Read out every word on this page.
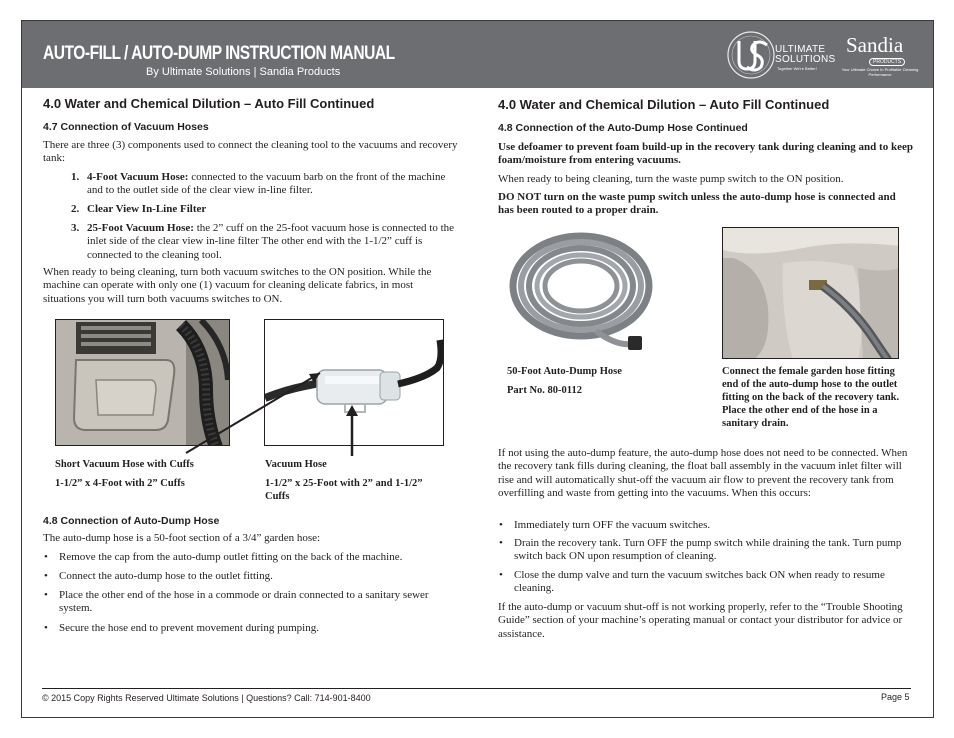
AUTO-FILL / AUTO-DUMP INSTRUCTION MANUAL
By Ultimate Solutions | Sandia Products
ULTIMATE
SOLUTIONS
Together We're Better!
Sandia
PRODUCTS
Your Ultimate Choice In Profitable Cleaning Performance
4.0 Water and Chemical Dilution – Auto Fill Continued
4.7 Connection of Vacuum Hoses
There are three (3) components used to connect the cleaning tool to the vacuums and recovery tank:
1. 4-Foot Vacuum Hose: connected to the vacuum barb on the front of the machine and to the outlet side of the clear view in-line filter.
2. Clear View In-Line Filter
3. 25-Foot Vacuum Hose: the 2” cuff on the 25-foot vacuum hose is connected to the inlet side of the clear view in-line filter The other end with the 1-1/2” cuff is connected to the cleaning tool.
When ready to being cleaning, turn both vacuum switches to the ON position. While the machine can operate with only one (1) vacuum for cleaning delicate fabrics, in most situations you will turn both vacuums switches to ON.
Short Vacuum Hose with Cuffs
1-1/2” x 4-Foot with 2” Cuffs
Vacuum Hose
1-1/2” x 25-Foot with 2” and 1-1/2” Cuffs
4.8 Connection of Auto-Dump Hose
The auto-dump hose is a 50-foot section of a 3/4” garden hose:
• Remove the cap from the auto-dump outlet fitting on the back of the machine.
• Connect the auto-dump hose to the outlet fitting.
• Place the other end of the hose in a commode or drain connected to a sanitary sewer system.
• Secure the hose end to prevent movement during pumping.
4.0 Water and Chemical Dilution – Auto Fill Continued
4.8 Connection of the Auto-Dump Hose Continued
Use defoamer to prevent foam build-up in the recovery tank during cleaning and to keep foam/moisture from entering vacuums.
When ready to being cleaning, turn the waste pump switch to the ON position.
DO NOT turn on the waste pump switch unless the auto-dump hose is connected and has been routed to a proper drain.
50-Foot Auto-Dump Hose
Part No. 80-0112
Connect the female garden hose fitting end of the auto-dump hose to the outlet fitting on the back of the recovery tank. Place the other end of the hose in a sanitary drain.
If not using the auto-dump feature, the auto-dump hose does not need to be connected. When the recovery tank fills during cleaning, the float ball assembly in the vacuum inlet filter will rise and will automatically shut-off the vacuum air flow to prevent the recovery tank from overfilling and waste from getting into the vacuums. When this occurs:
• Immediately turn OFF the vacuum switches.
• Drain the recovery tank. Turn OFF the pump switch while draining the tank. Turn pump switch back ON upon resumption of cleaning.
• Close the dump valve and turn the vacuum switches back ON when ready to resume cleaning.
If the auto-dump or vacuum shut-off is not working properly, refer to the “Trouble Shooting Guide” section of your machine’s operating manual or contact your distributor for advice or assistance.
© 2015 Copy Rights Reserved Ultimate Solutions | Questions? Call: 714-901-8400	Page 5
